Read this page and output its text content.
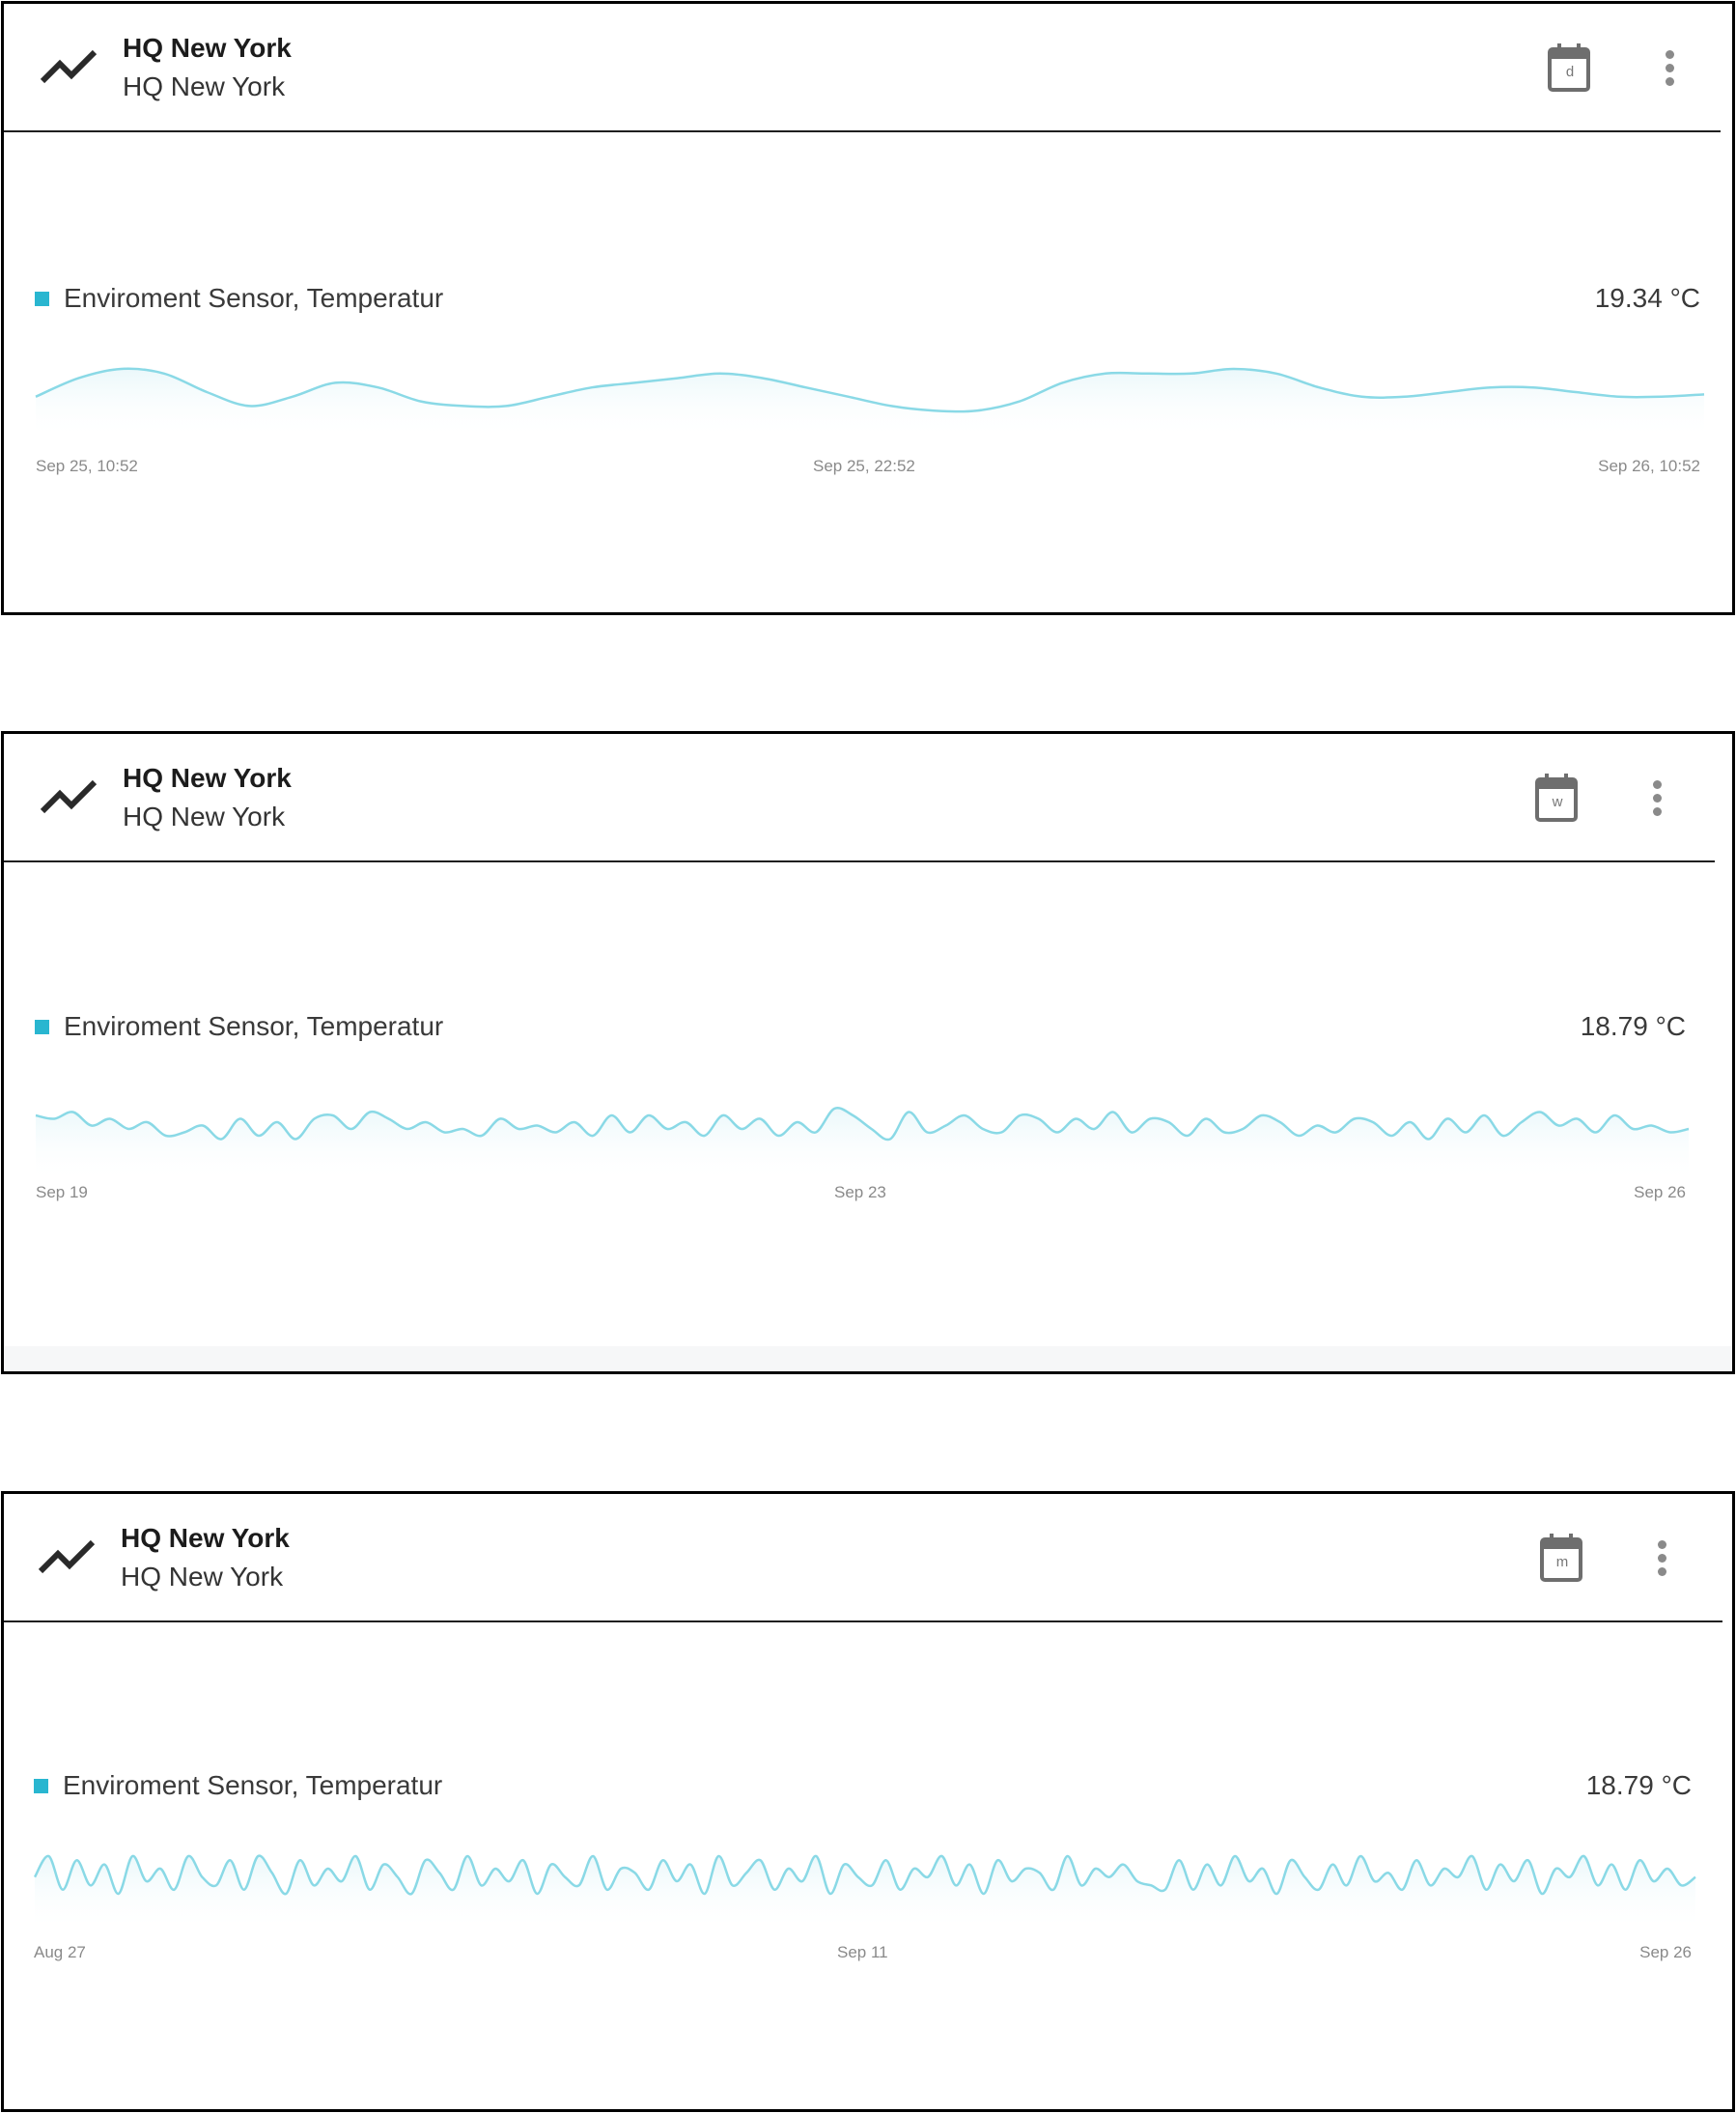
HQ New York
HQ New York	d
Enviroment Sensor, Temperatur	19.34 °C
Sep 25, 10:52	Sep 25, 22:52	Sep 26, 10:52
HQ New York
HQ New York	w
Enviroment Sensor, Temperatur	18.79 °C
Sep 19	Sep 23	Sep 26
HQ New York
HQ New York	m
Enviroment Sensor, Temperatur	18.79 °C
Aug 27	Sep 11	Sep 26
